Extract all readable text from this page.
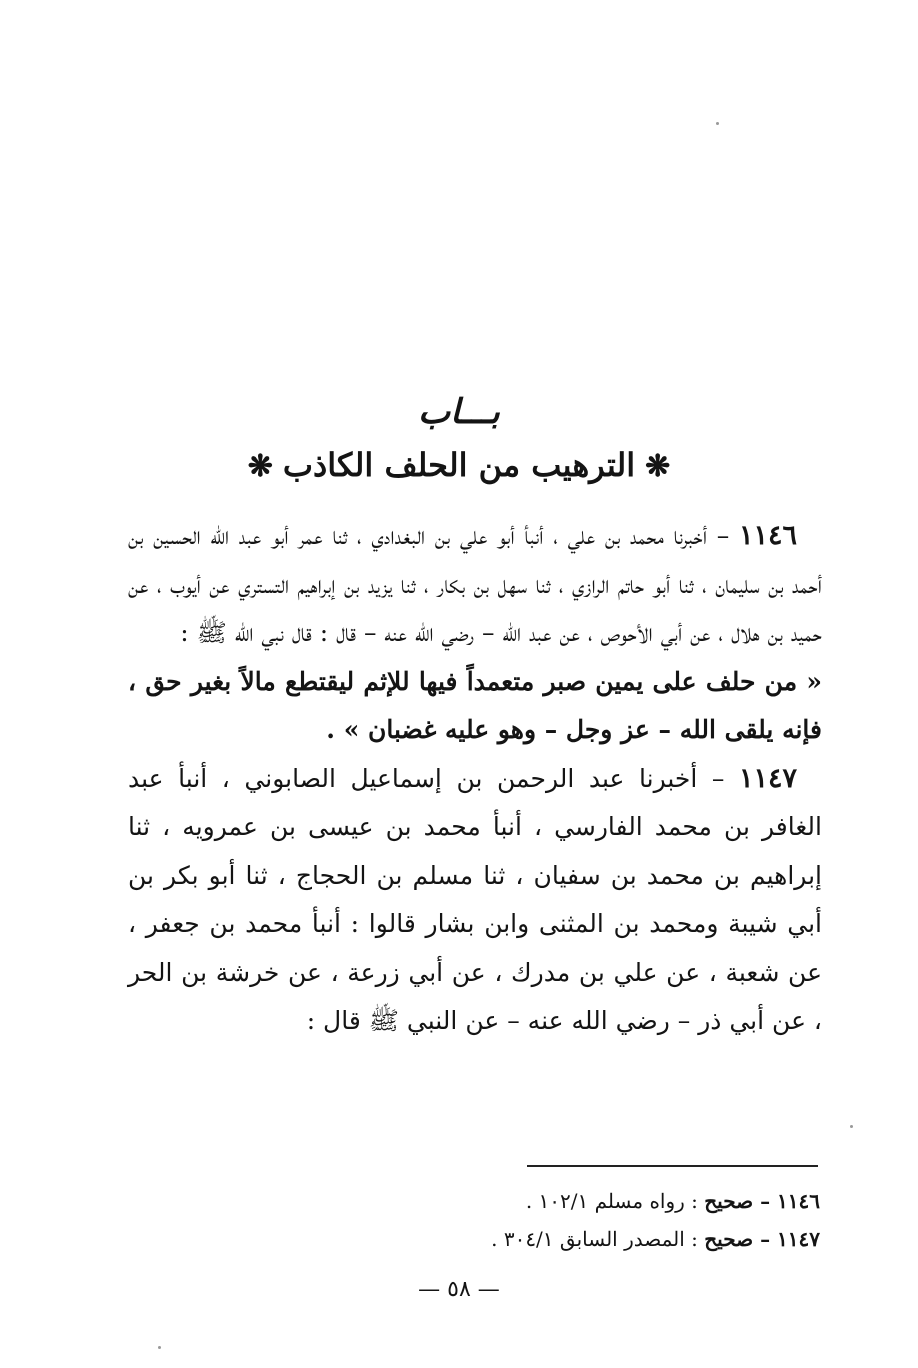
بـــاب
❋الترهيب من الحلف الكاذب❋

 ١١٤٦ – أخبرنا محمد بن علي ، أنبأ أبو علي بن البغدادي ، ثنا عمر أبو عبد الله الحسين بن أحمد بن سليمان ، ثنا أبو حاتم الرازي ، ثنا سهل بن بكار ، ثنا يزيد بن إبراهيم التستري عن أيوب ، عن حميد بن هلال ، عن أبي الأحوص ، عن عبد الله – رضي الله عنه – قال : قال نبي الله ﷺ :

« من حلف على يمين صبر متعمداً فيها للإثم ليقتطع مالاً بغير حق ، فإنه يلقى الله – عز وجل – وهو عليه غضبان » .

 ١١٤٧ – أخبرنا عبد الرحمن بن إسماعيل الصابوني ، أنبأ عبد الغافر بن محمد الفارسي ، أنبأ محمد بن عيسى بن عمرويه ، ثنا إبراهيم بن محمد بن سفيان ، ثنا مسلم بن الحجاج ، ثنا أبو بكر بن أبي شيبة ومحمد بن المثنى وابن بشار قالوا : أنبأ محمد بن جعفر ، عن شعبة ، عن علي بن مدرك ، عن أبي زرعة ، عن خرشة بن الحر ، عن أبي ذر – رضي الله عنه – عن النبي ﷺ قال :

١١٤٦ – صحيح : رواه مسلم ١٠٢/١ .
١١٤٧ – صحيح : المصدر السابق ٣٠٤/١ .
— ٥٨ —
